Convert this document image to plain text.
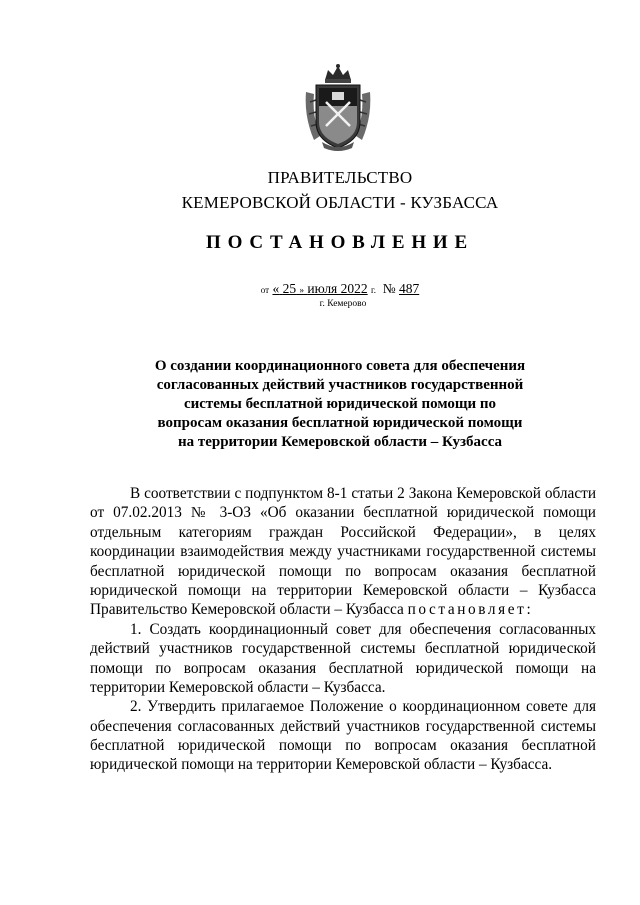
ПРАВИТЕЛЬСТВО
КЕМЕРОВСКОЙ ОБЛАСТИ - КУЗБАССА
ПОСТАНОВЛЕНИЕ
от « 25 » июля 2022 г. № 487
г. Кемерово
О создании координационного совета для обеспечения
согласованных действий участников государственной
системы бесплатной юридической помощи по
вопросам оказания бесплатной юридической помощи
на территории Кемеровской области – Кузбасса
В соответствии с подпунктом 8-1 статьи 2 Закона Кемеровской области
от 07.02.2013 № 3-ОЗ «Об оказании бесплатной юридической помощи
отдельным категориям граждан Российской Федерации», в целях
координации взаимодействия между участниками государственной системы
бесплатной юридической помощи по вопросам оказания бесплатной
юридической помощи на территории Кемеровской области – Кузбасса
Правительство Кемеровской области – Кузбасса постановляет:
1. Создать координационный совет для обеспечения согласованных
действий участников государственной системы бесплатной юридической
помощи по вопросам оказания бесплатной юридической помощи на
территории Кемеровской области – Кузбасса.
2. Утвердить прилагаемое Положение о координационном совете для
обеспечения согласованных действий участников государственной системы
бесплатной юридической помощи по вопросам оказания бесплатной
юридической помощи на территории Кемеровской области – Кузбасса.
